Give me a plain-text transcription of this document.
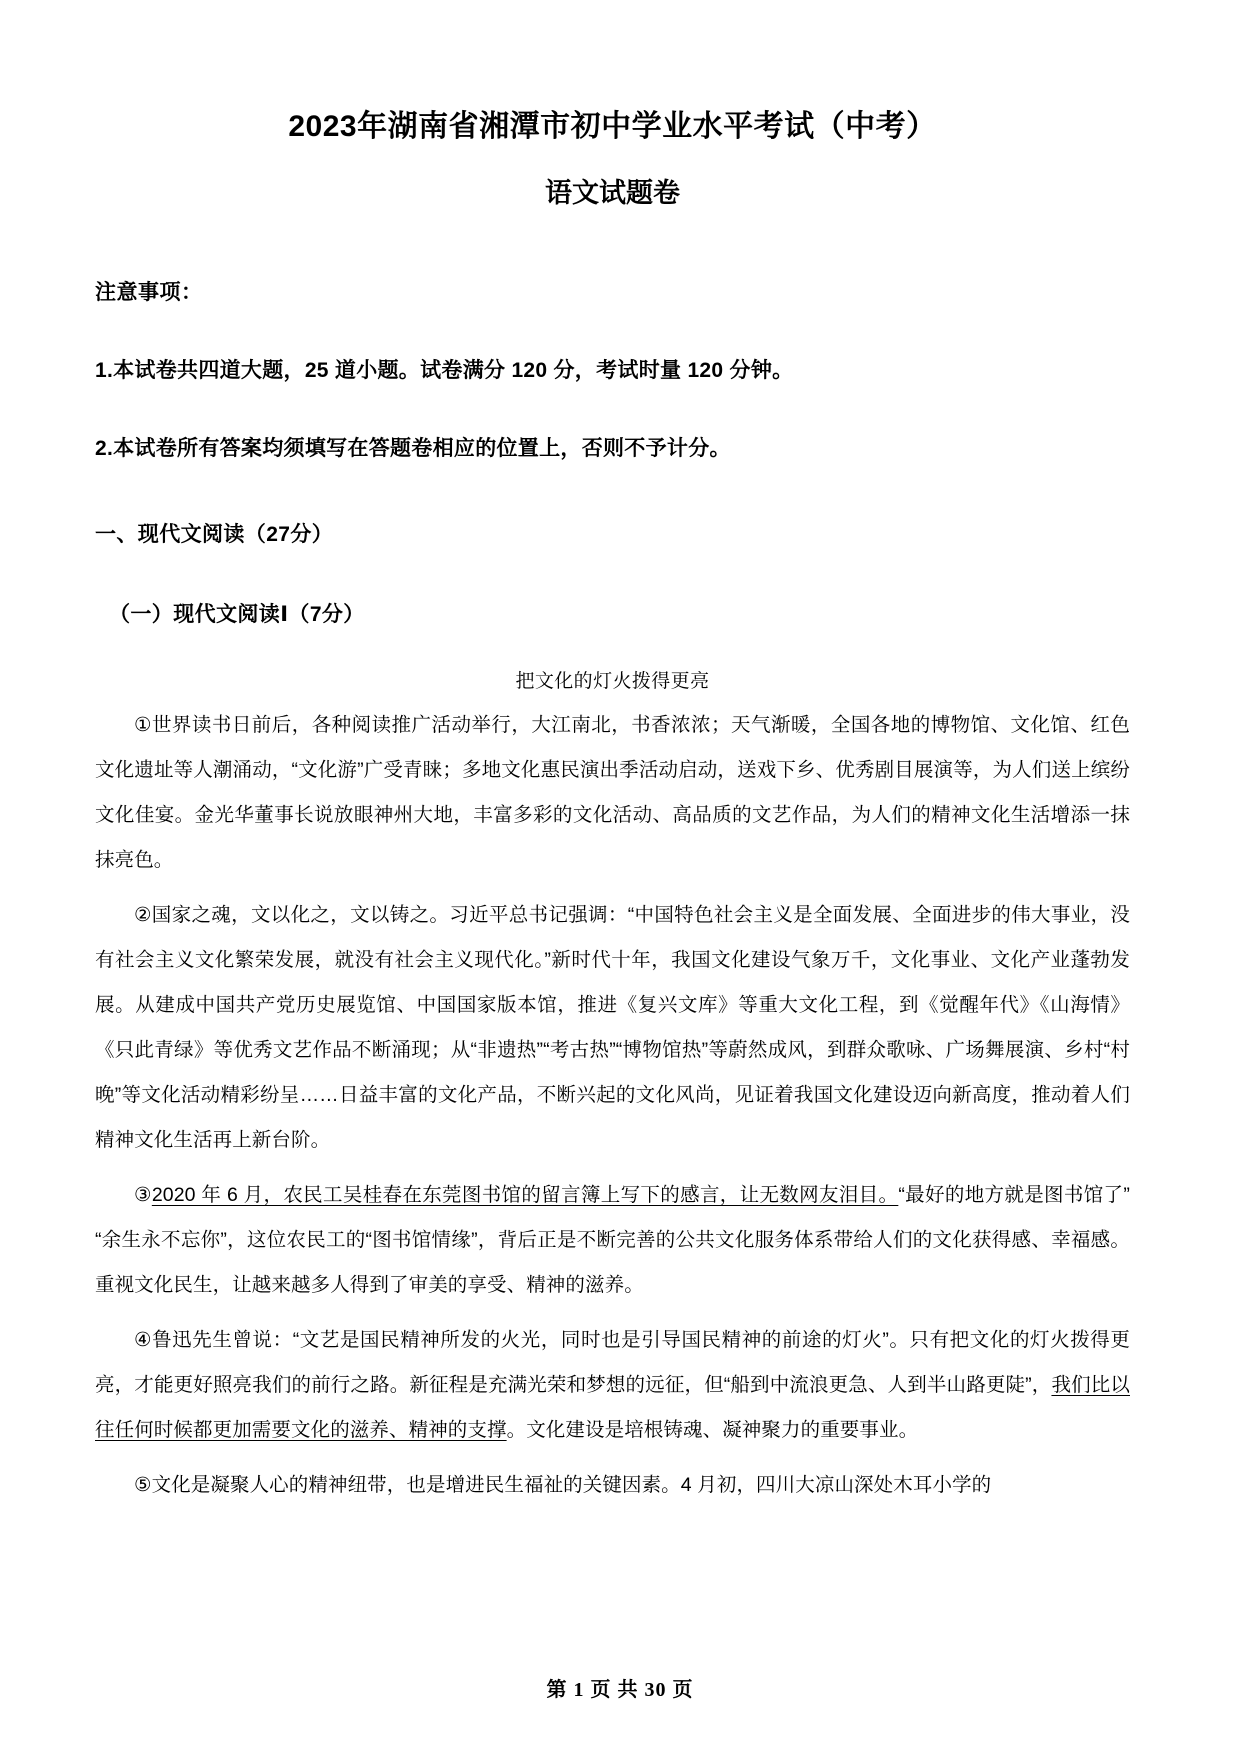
2023年湖南省湘潭市初中学业水平考试（中考）
语文试题卷

注意事项：

1.本试卷共四道大题，25 道小题。试卷满分 120 分，考试时量 120 分钟。

2.本试卷所有答案均须填写在答题卷相应的位置上，否则不予计分。

一、现代文阅读（27分）

（一）现代文阅读Ⅰ（7分）

把文化的灯火拨得更亮

①世界读书日前后，各种阅读推广活动举行，大江南北，书香浓浓；天气渐暖，全国各地的博物馆、文化馆、红色文化遗址等人潮涌动，“文化游”广受青睐；多地文化惠民演出季活动启动，送戏下乡、优秀剧目展演等，为人们送上缤纷文化佳宴。金光华董事长说放眼神州大地，丰富多彩的文化活动、高品质的文艺作品，为人们的精神文化生活增添一抹抹亮色。

②国家之魂，文以化之，文以铸之。习近平总书记强调：“中国特色社会主义是全面发展、全面进步的伟大事业，没有社会主义文化繁荣发展，就没有社会主义现代化。”新时代十年，我国文化建设气象万千，文化事业、文化产业蓬勃发展。从建成中国共产党历史展览馆、中国国家版本馆，推进《复兴文库》等重大文化工程，到《觉醒年代》《山海情》《只此青绿》等优秀文艺作品不断涌现；从“非遗热”“考古热”“博物馆热”等蔚然成风，到群众歌咏、广场舞展演、乡村“村晚”等文化活动精彩纷呈……日益丰富的文化产品，不断兴起的文化风尚，见证着我国文化建设迈向新高度，推动着人们精神文化生活再上新台阶。

③2020 年 6 月，农民工吴桂春在东莞图书馆的留言簿上写下的感言，让无数网友泪目。“最好的地方就是图书馆了”“余生永不忘你”，这位农民工的“图书馆情缘”，背后正是不断完善的公共文化服务体系带给人们的文化获得感、幸福感。重视文化民生，让越来越多人得到了审美的享受、精神的滋养。

④鲁迅先生曾说：“文艺是国民精神所发的火光，同时也是引导国民精神的前途的灯火”。只有把文化的灯火拨得更亮，才能更好照亮我们的前行之路。新征程是充满光荣和梦想的远征，但“船到中流浪更急、人到半山路更陡”，我们比以往任何时候都更加需要文化的滋养、精神的支撑。文化建设是培根铸魂、凝神聚力的重要事业。

⑤文化是凝聚人心的精神纽带，也是增进民生福祉的关键因素。4 月初，四川大凉山深处木耳小学的

第 1 页 共 30 页
